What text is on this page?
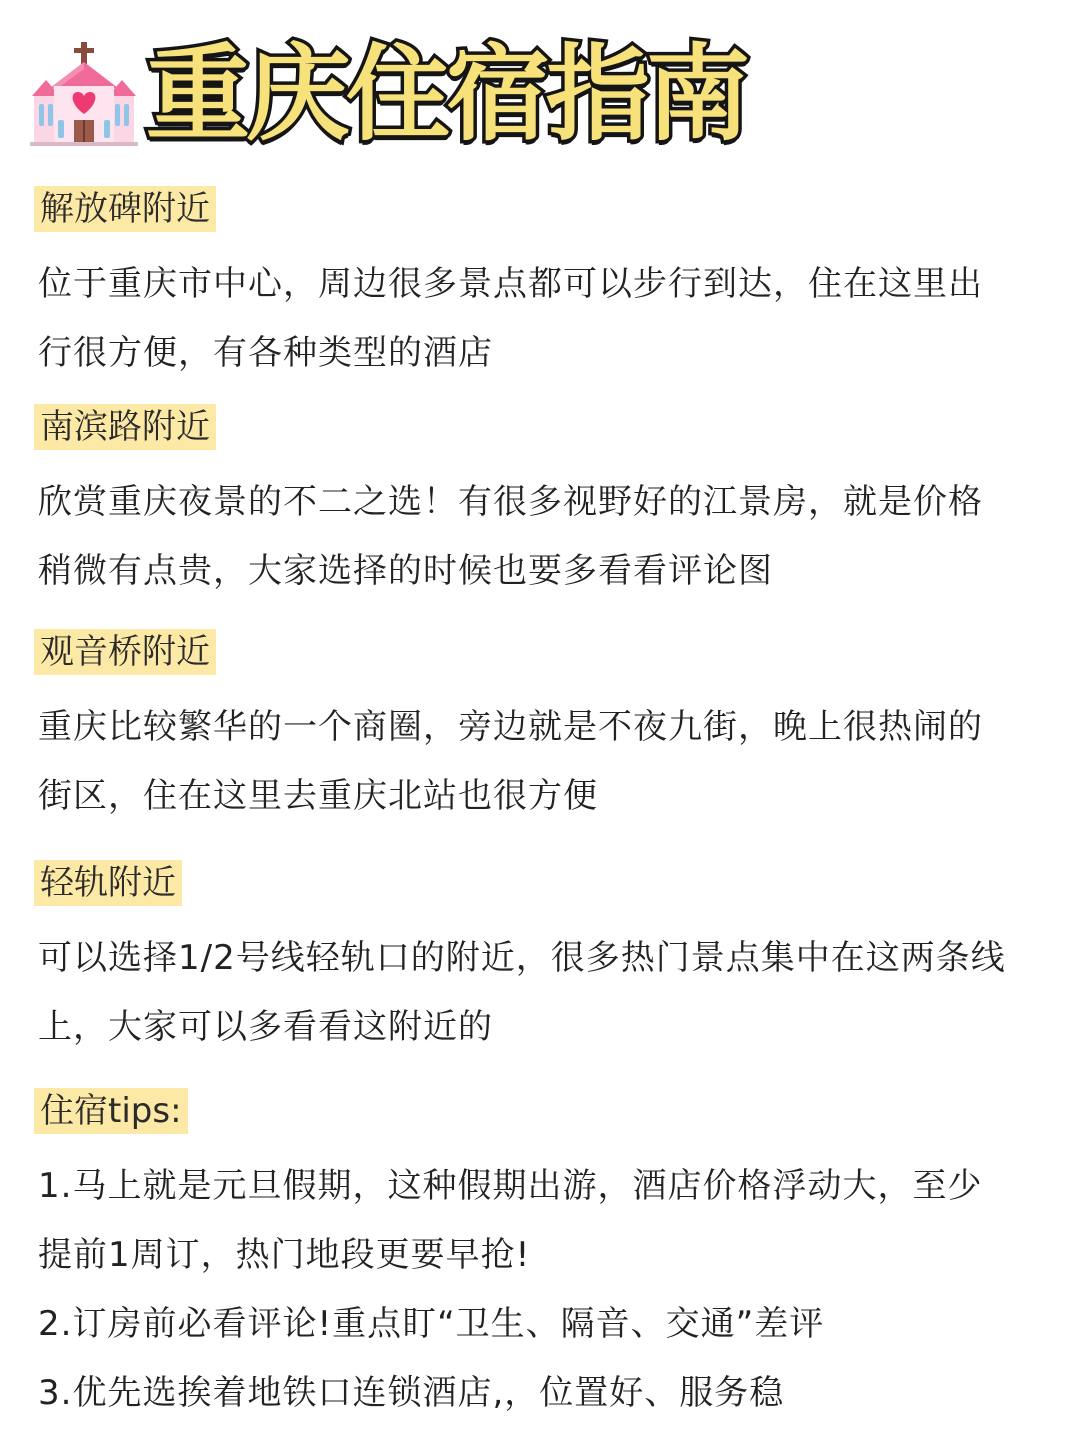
重庆住宿指南
解放碑附近

位于重庆市中心，周边很多景点都可以步行到达，住在这里出
行很方便，有各种类型的酒店

南滨路附近

欣赏重庆夜景的不二之选！有很多视野好的江景房，就是价格
稍微有点贵，大家选择的时候也要多看看评论图

观音桥附近

重庆比较繁华的一个商圈，旁边就是不夜九街，晚上很热闹的
街区，住在这里去重庆北站也很方便

轻轨附近

可以选择1/2号线轻轨口的附近，很多热门景点集中在这两条线
上，大家可以多看看这附近的

住宿tips:

1.马上就是元旦假期，这种假期出游，酒店价格浮动大，至少
提前1周订，热门地段更要早抢!
2.订房前必看评论!重点盯“卫生、隔音、交通”差评
3.优先选挨着地铁口连锁酒店,，位置好、服务稳
